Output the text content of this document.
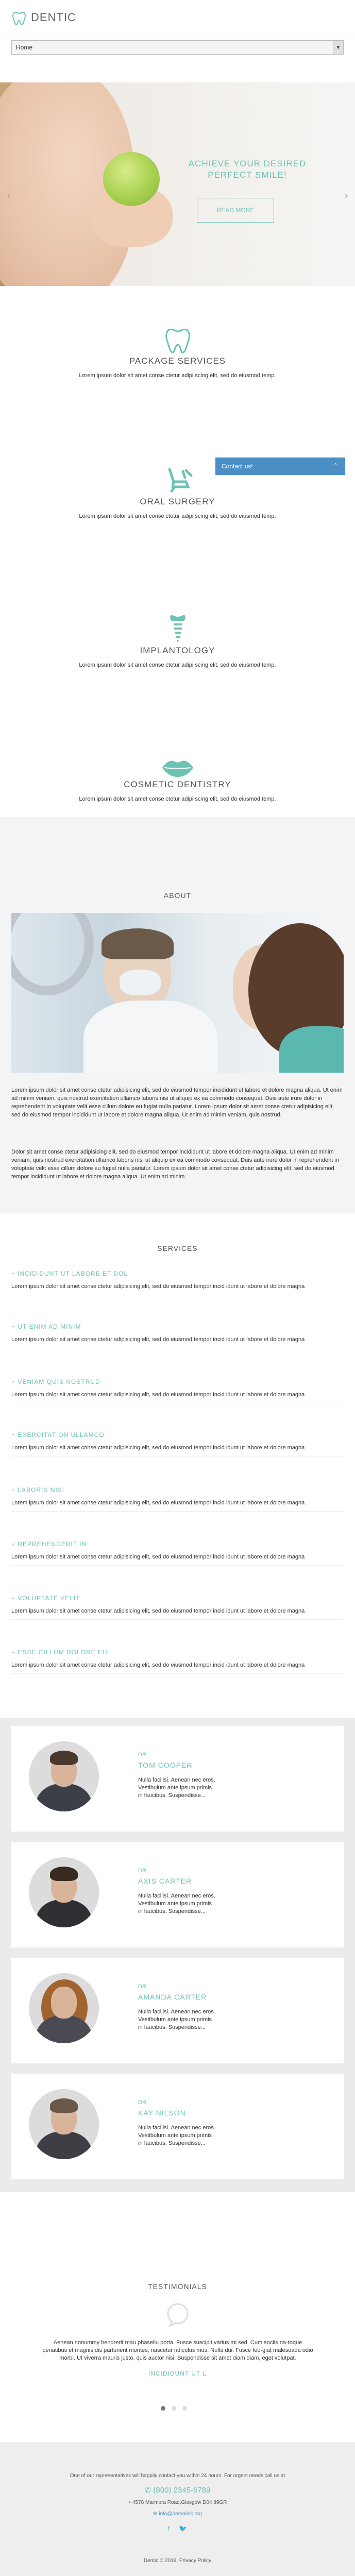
DENTIC
Home	▼
ACHIEVE YOUR DESIRED
PERFECT SMILE!
READ MORE
‹	›
PACKAGE SERVICES
Lorem ipsum dolor sit amet conse ctetur adipi scing elit, sed do eiusmod temp.
Contact us!	⌃
ORAL SURGERY
Lorem ipsum dolor sit amet conse ctetur adipi scing elit, sed do eiusmod temp.
IMPLANTOLOGY
Lorem ipsum dolor sit amet conse ctetur adipi scing elit, sed do eiusmod temp.
COSMETIC DENTISTRY
Lorem ipsum dolor sit amet conse ctetur adipi scing elit, sed do eiusmod temp.
ABOUT
Lorem ipsum dolor sit amet conse ctetur adipisicing elit, sed do eiusmod tempor incididunt ut labore et dolore magna aliqua. Ut enim ad minim veniam, quis nostrud exercitation ullamco laboris nisi ut aliquip ex ea commodo consequat. Duis aute irure dolor in reprehenderit in voluptate velit esse cillum dolore eu fugiat nulla pariatur. Lorem ipsum dolor sit amet conse ctetur adipisicing elit, sed do eiusmod tempor incididunt ut labore et dolore magna aliqua. Ut enim ad minim veniam, quis nostrud.
Dolor sit amet conse ctetur adipisicing elit, sed do eiusmod tempor incididunt ut labore et dolore magna aliqua. Ut enim ad minim veniam, quis nostrud exercitation ullamco laboris nisi ut aliquip ex ea commodo consequat. Duis aute irure dolor in reprehenderit in voluptate velit esse cillum dolore eu fugiat nulla pariatur. Lorem ipsum dolor sit amet conse ctetur adipisicing elit, sed do eiusmod tempor incididunt ut labore et dolore magna aliqua. Ut enim ad minim.
SERVICES
+ INCIDIDUNT UT LABORE ET DOL
Lorem ipsum dolor sit amet conse ctetur adipisicing elit, sed do eiusmod tempor incid idunt ut labore et dolore magna
+ UT ENIM AD MINIM
Lorem ipsum dolor sit amet conse ctetur adipisicing elit, sed do eiusmod tempor incid idunt ut labore et dolore magna
+ VENIAM QUIS NOSTRUD
Lorem ipsum dolor sit amet conse ctetur adipisicing elit, sed do eiusmod tempor incid idunt ut labore et dolore magna
+ EXERCITATION ULLAMCO
Lorem ipsum dolor sit amet conse ctetur adipisicing elit, sed do eiusmod tempor incid idunt ut labore et dolore magna
+ LABORIS NISI
Lorem ipsum dolor sit amet conse ctetur adipisicing elit, sed do eiusmod tempor incid idunt ut labore et dolore magna
+ REPREHENDERIT IN
Lorem ipsum dolor sit amet conse ctetur adipisicing elit, sed do eiusmod tempor incid idunt ut labore et dolore magna
+ VOLUPTATE VELIT
Lorem ipsum dolor sit amet conse ctetur adipisicing elit, sed do eiusmod tempor incid idunt ut labore et dolore magna
+ ESSE CILLUM DOLORE EU
Lorem ipsum dolor sit amet conse ctetur adipisicing elit, sed do eiusmod tempor incid idunt ut labore et dolore magna
DR.
TOM COOPER
Nulla facilisi. Aenean nec eros. Vestibulum ante ipsum primis in faucibus. Suspendisse...
DR.
AXIS CARTER
Nulla facilisi. Aenean nec eros. Vestibulum ante ipsum primis in faucibus. Suspendisse...
DR.
AMANDA CARTER
Nulla facilisi. Aenean nec eros. Vestibulum ante ipsum primis in faucibus. Suspendisse...
DR.
KAY NILSON
Nulla facilisi. Aenean nec eros. Vestibulum ante ipsum primis in faucibus. Suspendisse...
TESTIMONIALS
Aenean nonummy hendrerit mau phasellu porta. Fusce suscipit varius mi sed. Cum sociis na-toque penatibus et magnis dis parturient montes, nascetur ridiculus mus. Nulla dui. Fusce feu-giat malesuada odio morbi. Ut viverra mauris justo, quis auctor nisi. Suspendisse sit amet diam diam, eget volutpat.
INCIDIDUNT UT L
One of our representatives will happily contact you within 24 hours. For urgent needs call us at
✆ (800) 2345-6789
⌖ 4578 Marmora Road,Glasgow D04 89GR
✉ info@demolink.org
f 🐦
Dentic © 2016. Privacy Policy
